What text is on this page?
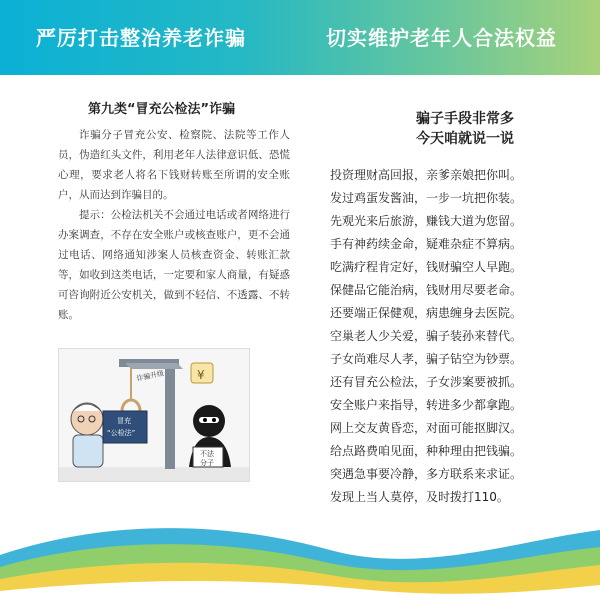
严厉打击整治养老诈骗	切实维护老年人合法权益
第九类“冒充公检法”诈骗

诈骗分子冒充公安、检察院、法院等工作人员，伪造红头文件，利用老年人法律意识低、恐慌心理，要求老人将名下钱财转账至所谓的安全账户，从而达到诈骗目的。

提示：公检法机关不会通过电话或者网络进行办案调查，不存在安全账户或核查账户，更不会通过电话、网络通知涉案人员核查资金、转账汇款等，如收到这类电话，一定要和家人商量，有疑惑可咨询附近公安机关，做到不轻信、不透露、不转账。

诈骗升级	¥
冒充
“公检法”
不法
分子
骗子手段非常多
今天咱就说一说
投资理财高回报，亲爹亲娘把你叫。
发过鸡蛋发酱油，一步一坑把你装。
先观光来后旅游，赚钱大道为您留。
手有神药续金命，疑难杂症不算病。
吃满疗程肯定好，钱财骗空人早跑。
保健品它能治病，钱财用尽要老命。
还要端正保健观，病患缠身去医院。
空巢老人少关爱，骗子装孙来替代。
子女尚难尽人孝，骗子钻空为钞票。
还有冒充公检法，子女涉案要被抓。
安全账户来指导，转进多少都拿跑。
网上交友黄昏恋，对面可能抠脚汉。
给点路费咱见面，种种理由把钱骗。
突遇急事要冷静，多方联系来求证。
发现上当人莫停，及时拨打110。
